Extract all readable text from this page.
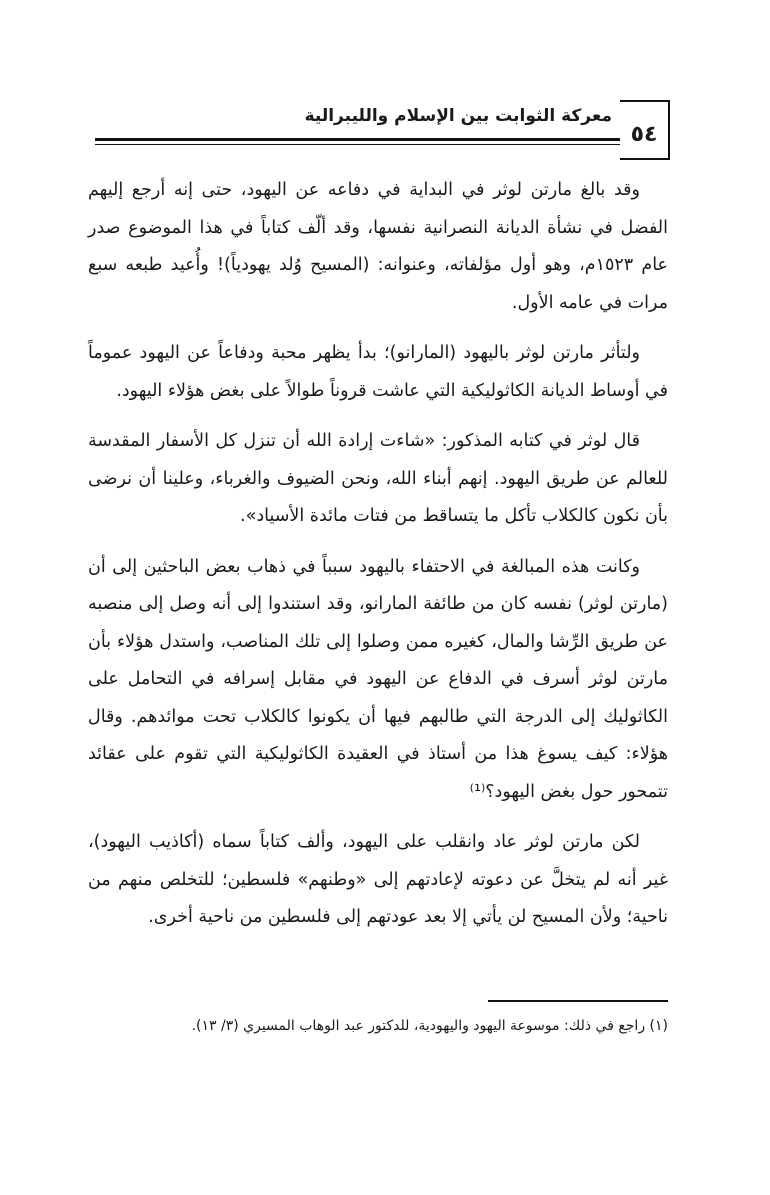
معركة الثوابت بين الإسلام والليبرالية
٥٤

وقد بالغ مارتن لوثر في البداية في دفاعه عن اليهود، حتى إنه أرجع إليهم الفضل في نشأة الديانة النصرانية نفسها، وقد ألّف كتاباً في هذا الموضوع صدر عام ١٥٢٣م، وهو أول مؤلفاته، وعنوانه: (المسيح وُلد يهودياً)! وأُعيد طبعه سبع مرات في عامه الأول.

ولتأثر مارتن لوثر باليهود (المارانو)؛ بدأ يظهر محبة ودفاعاً عن اليهود عموماً في أوساط الديانة الكاثوليكية التي عاشت قروناً طوالاً على بغض هؤلاء اليهود.

قال لوثر في كتابه المذكور: «شاءت إرادة الله أن تنزل كل الأسفار المقدسة للعالم عن طريق اليهود. إنهم أبناء الله، ونحن الضيوف والغرباء، وعلينا أن نرضى بأن نكون كالكلاب تأكل ما يتساقط من فتات مائدة الأسياد».

وكانت هذه المبالغة في الاحتفاء باليهود سبباً في ذهاب بعض الباحثين إلى أن (مارتن لوثر) نفسه كان من طائفة المارانو، وقد استندوا إلى أنه وصل إلى منصبه عن طريق الرِّشا والمال، كغيره ممن وصلوا إلى تلك المناصب، واستدل هؤلاء بأن مارتن لوثر أسرف في الدفاع عن اليهود في مقابل إسرافه في التحامل على الكاثوليك إلى الدرجة التي طالبهم فيها أن يكونوا كالكلاب تحت موائدهم. وقال هؤلاء: كيف يسوغ هذا من أستاذ في العقيدة الكاثوليكية التي تقوم على عقائد تتمحور حول بغض اليهود؟⁽¹⁾

لكن مارتن لوثر عاد وانقلب على اليهود، وألف كتاباً سماه (أكاذيب اليهود)، غير أنه لم يتخلَّ عن دعوته لإعادتهم إلى «وطنهم» فلسطين؛ للتخلص منهم من ناحية؛ ولأن المسيح لن يأتي إلا بعد عودتهم إلى فلسطين من ناحية أخرى.

(١) راجع في ذلك: موسوعة اليهود واليهودية، للدكتور عبد الوهاب المسيري (٣/ ١٣).
